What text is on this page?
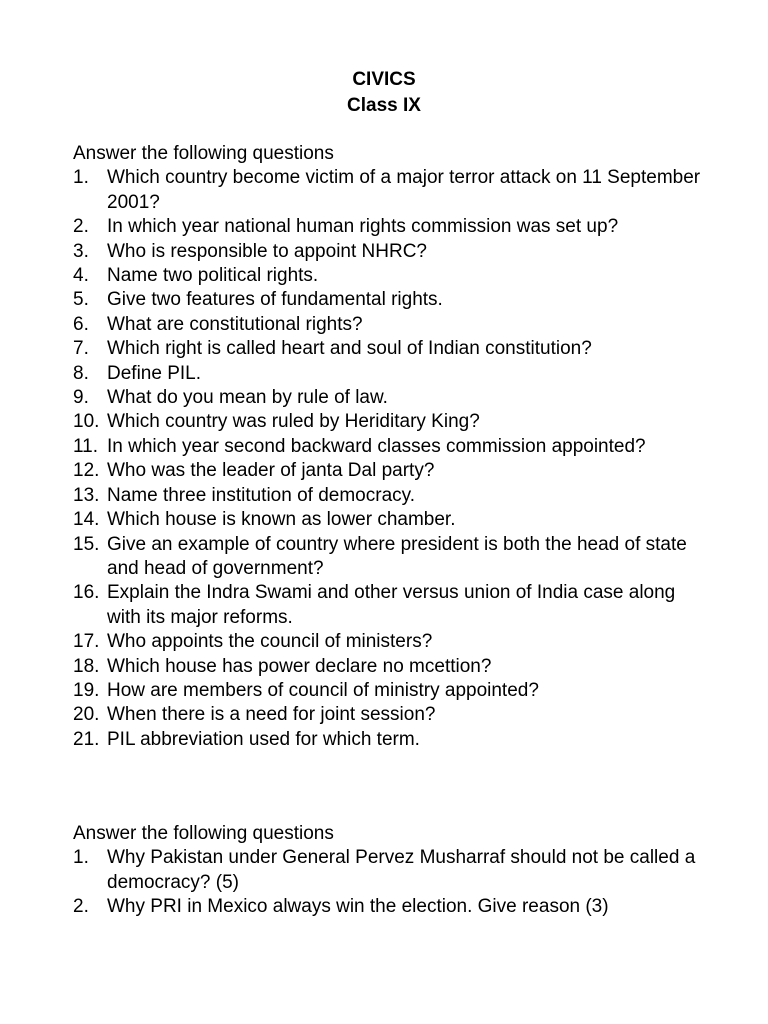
CIVICS
Class IX
Answer the following questions
1. Which country become victim of a major terror attack on 11 September 2001?
2. In which year national human rights commission was set up?
3. Who is responsible to appoint NHRC?
4. Name two political rights.
5. Give two features of fundamental rights.
6. What are constitutional rights?
7. Which right is called heart and soul of Indian constitution?
8. Define PIL.
9. What do you mean by rule of law.
10. Which country was ruled by Heriditary King?
11. In which year second backward classes commission appointed?
12. Who was the leader of janta Dal party?
13. Name three institution of democracy.
14. Which house is known as lower chamber.
15. Give an example of country where president is both the head of state and head of government?
16. Explain the Indra Swami and other versus union of India case along with its major reforms.
17. Who appoints the council of ministers?
18. Which house has power declare no mcettion?
19. How are members of council of ministry appointed?
20. When there is a need for joint session?
21. PIL abbreviation used for which term.
Answer the following questions
1. Why Pakistan under General Pervez Musharraf should not be called a democracy? (5)
2. Why PRI in Mexico always win the election. Give reason (3)
